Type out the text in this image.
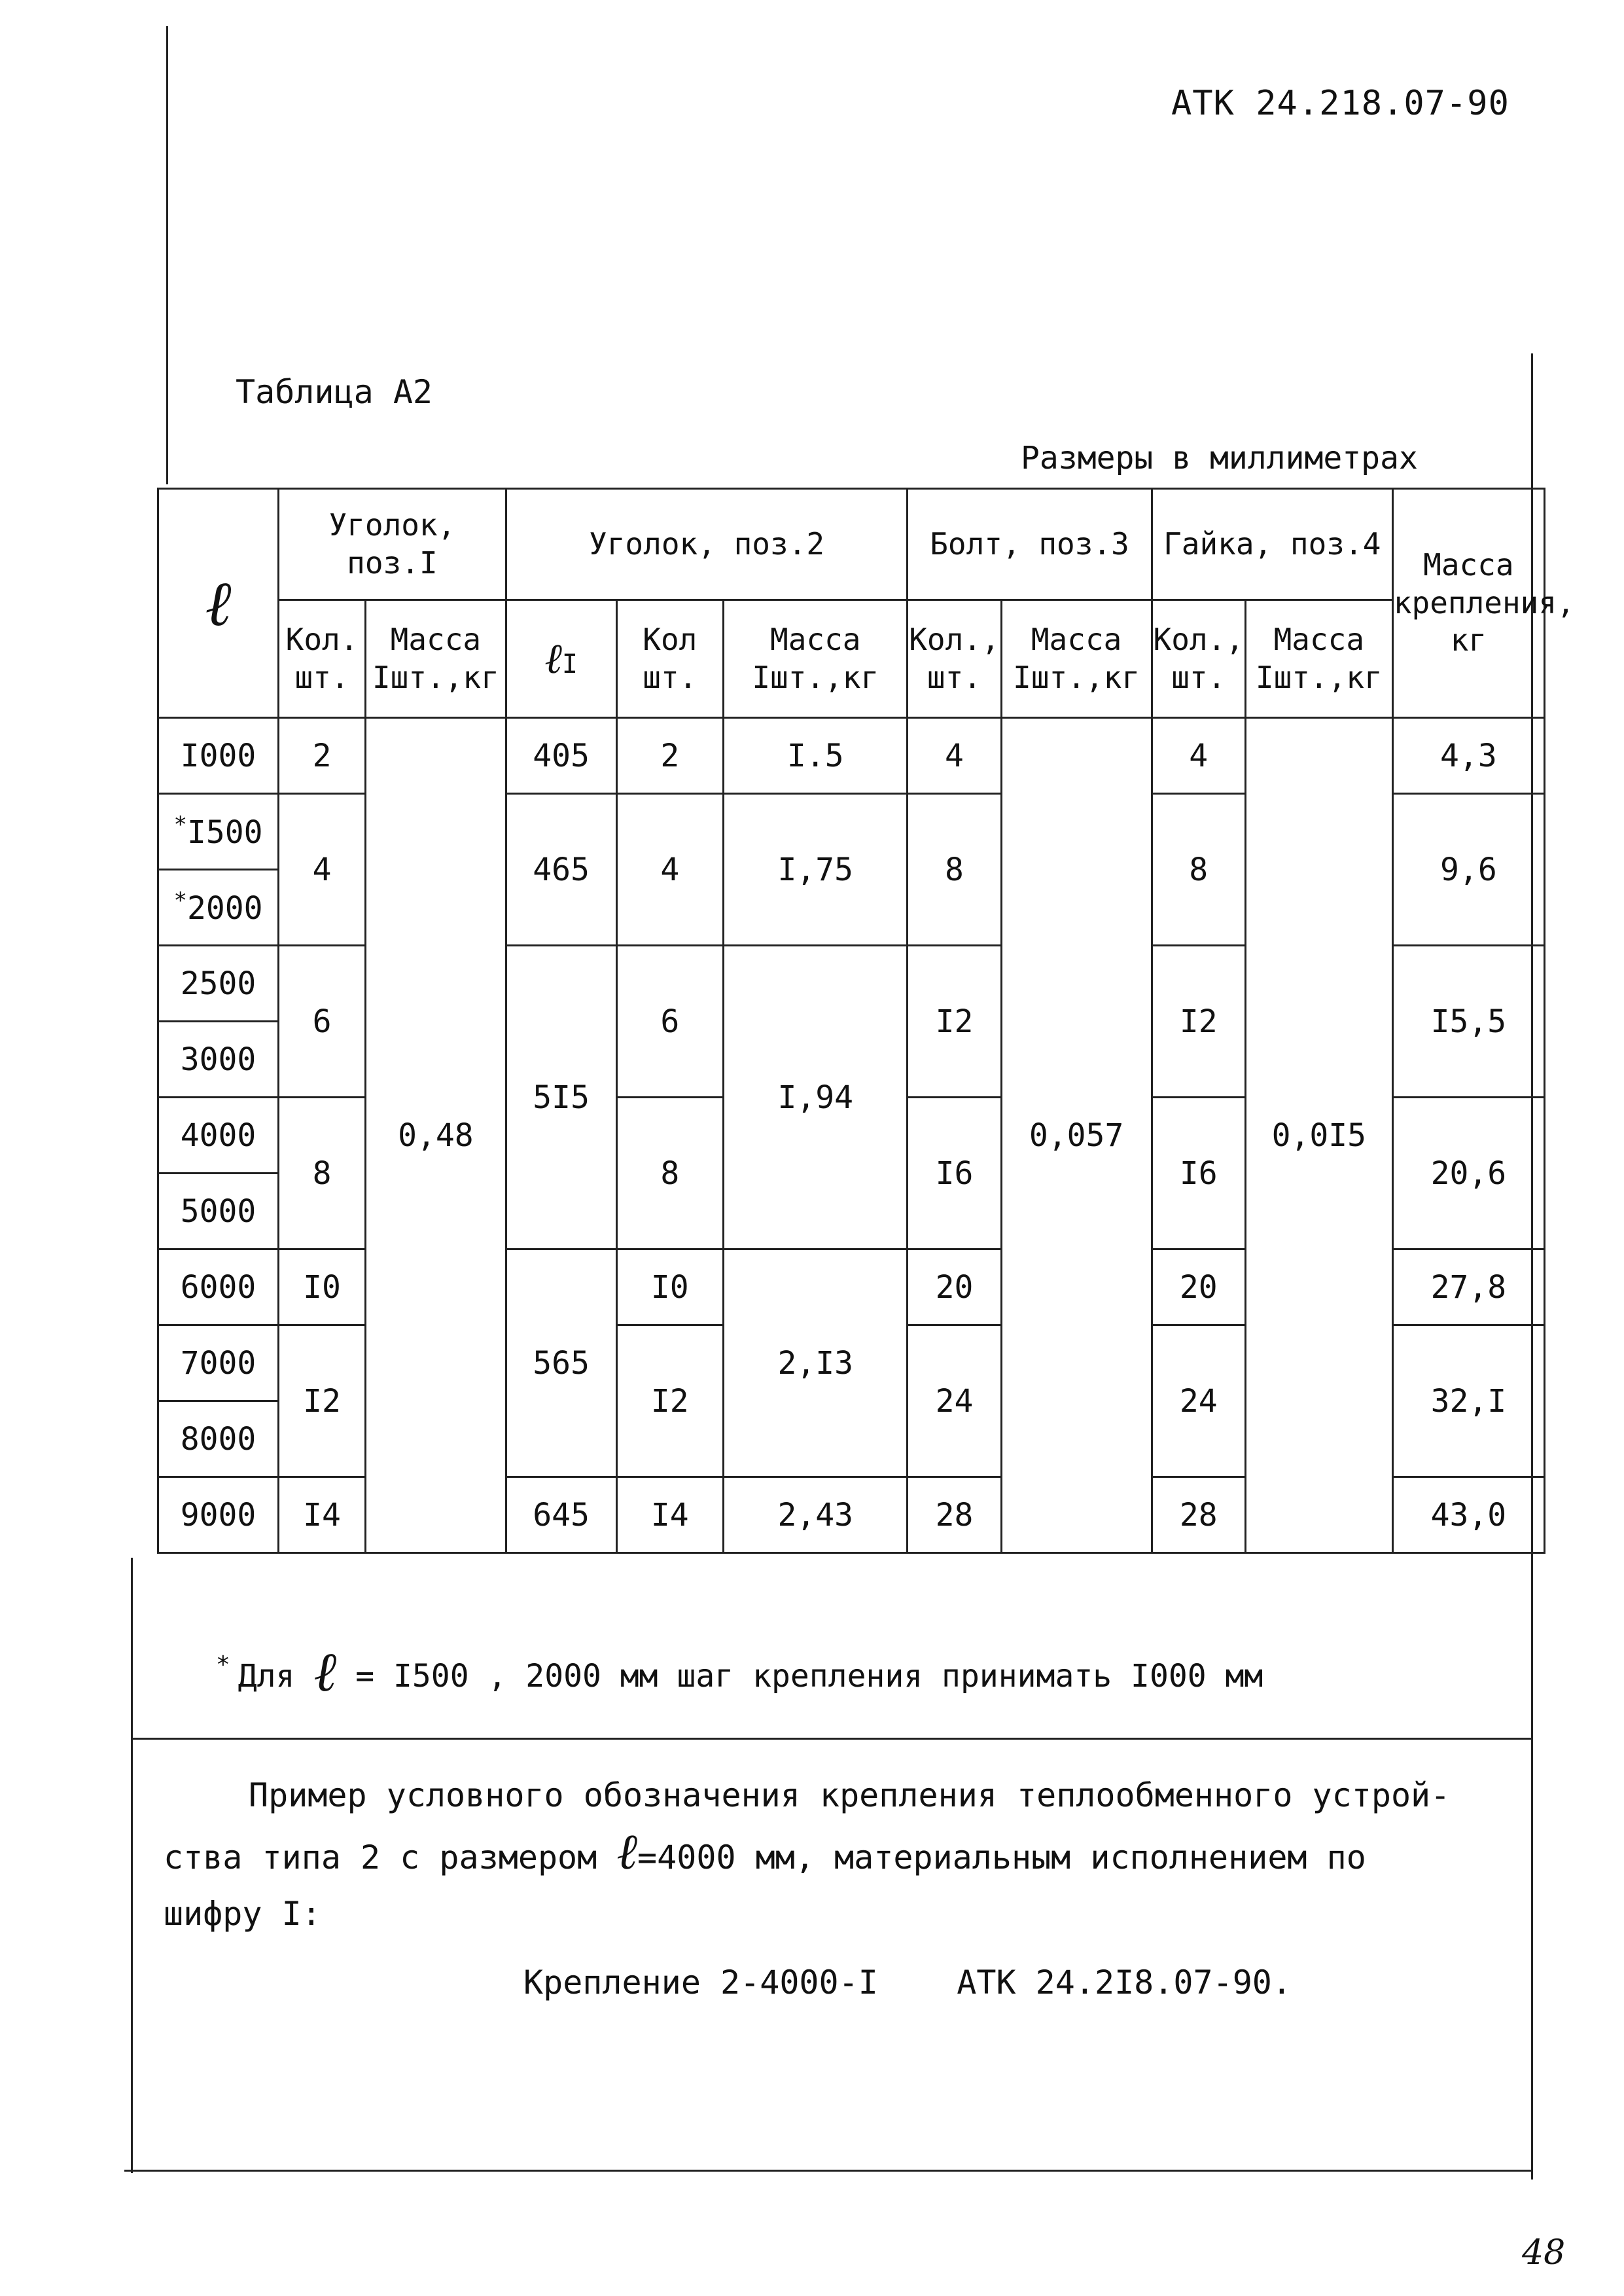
АТК 24.218.07-90
Таблица А2
Размеры в миллиметрах
ℓ	Уголок, поз.I		Уголок, поз.2			Болт, поз.3		Гайка, поз.4		Масса крепления, кг
	Кол. шт.	Масса Iшт.,кг	ℓI	Кол шт.	Масса Iшт.,кг	Кол., шт.	Масса Iшт.,кг	Кол., шт.	Масса Iшт.,кг	
I000	2	0,48	405	2	I.5	4	0,057	4	0,0I5	4,3
*I500	4		465	4	I,75	8		8		9,6
*2000										
2500	6		5I5	6	I,94	I2		I2		I5,5
3000										
4000	8			8		I6		I6		20,6
5000										
6000	I0		565	I0	2,I3	20		20		27,8
7000	I2			I2		24		24		32,I
8000										
9000	I4		645	I4	2,43	28		28		43,0
* Для ℓ = I500 , 2000 мм шаг крепления принимать I000 мм
Пример условного обозначения крепления теплообменного устрой-
ства типа 2 с размером ℓ=4000 мм, материальным исполнением по
шифру I:
Крепление 2-4000-I    АТК 24.2I8.07-90.
48
